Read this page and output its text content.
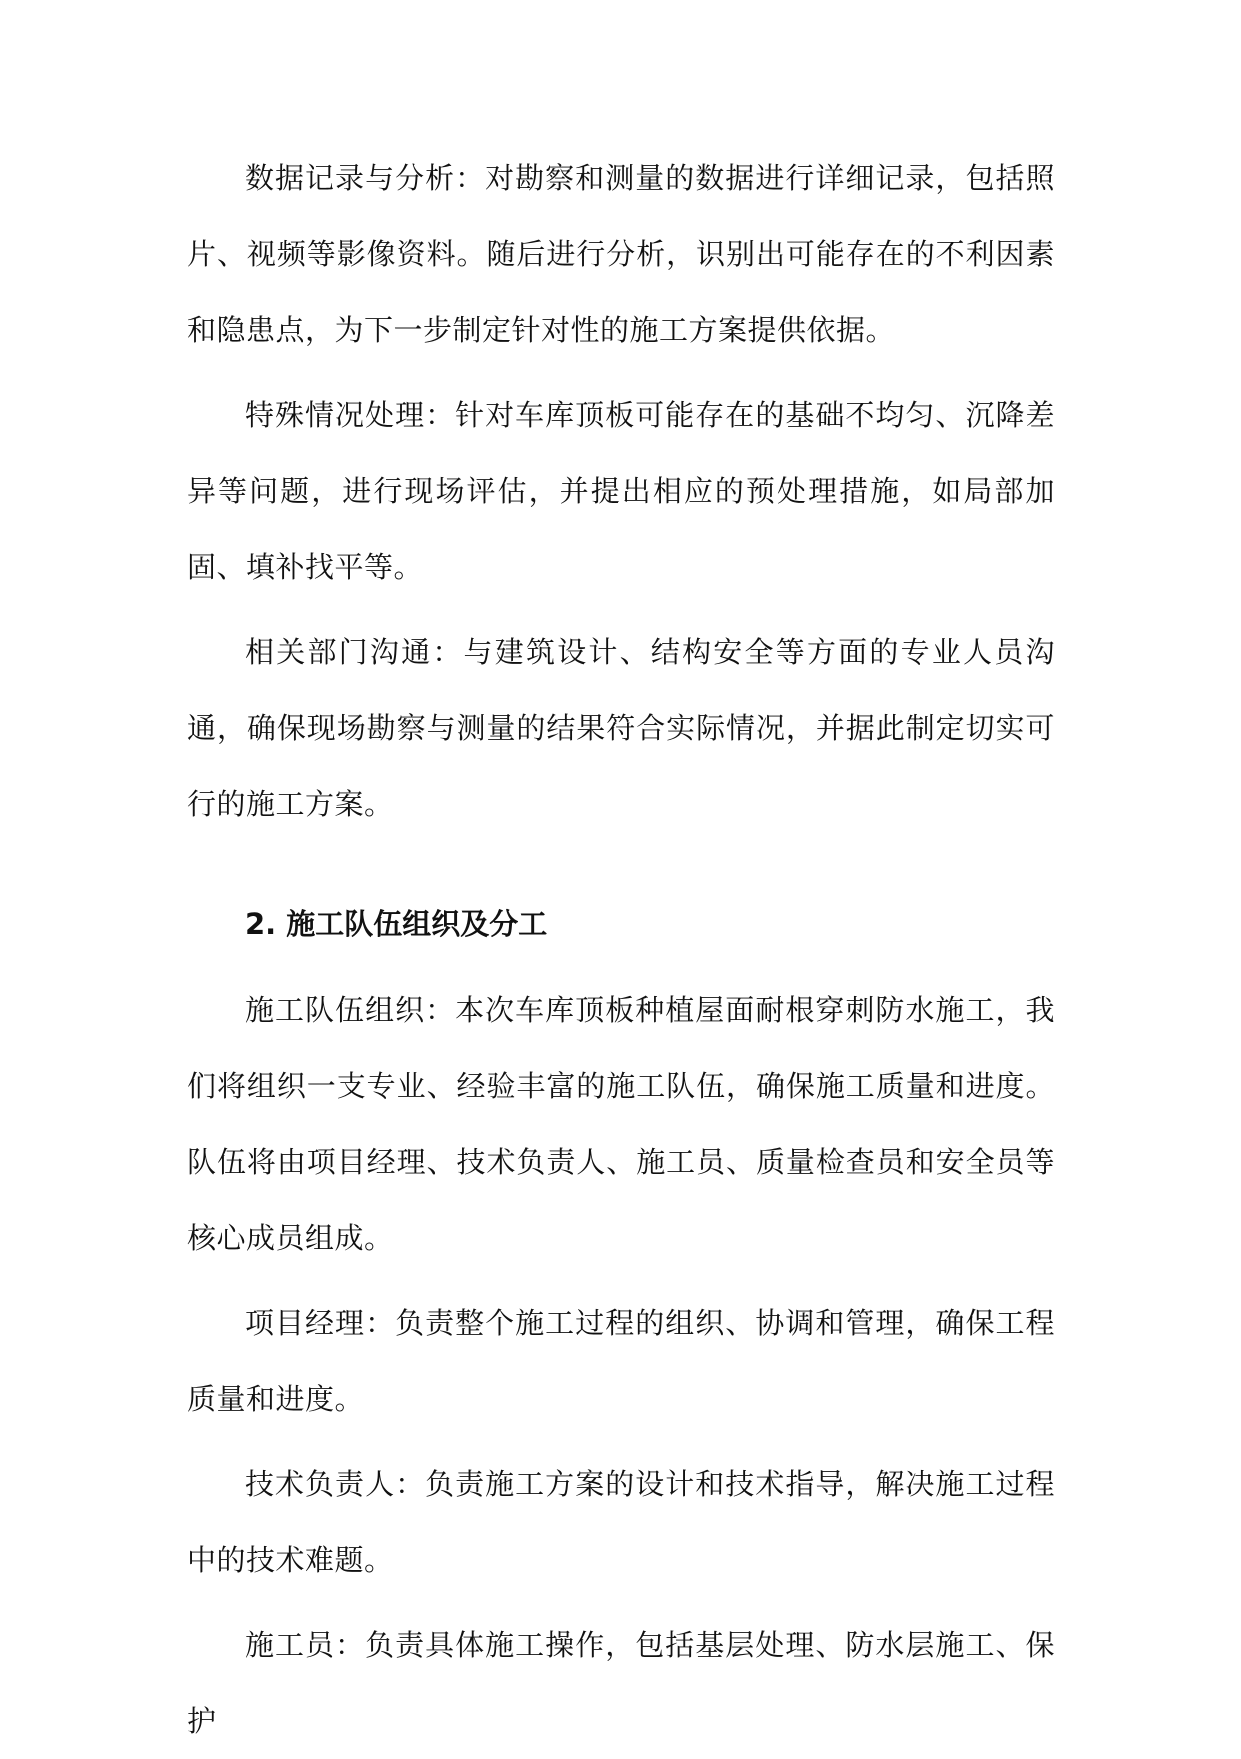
数据记录与分析：对勘察和测量的数据进行详细记录，包括照片、视频等影像资料。随后进行分析，识别出可能存在的不利因素和隐患点，为下一步制定针对性的施工方案提供依据。

特殊情况处理：针对车库顶板可能存在的基础不均匀、沉降差异等问题，进行现场评估，并提出相应的预处理措施，如局部加固、填补找平等。

相关部门沟通：与建筑设计、结构安全等方面的专业人员沟通，确保现场勘察与测量的结果符合实际情况，并据此制定切实可行的施工方案。

2. 施工队伍组织及分工

施工队伍组织：本次车库顶板种植屋面耐根穿刺防水施工，我们将组织一支专业、经验丰富的施工队伍，确保施工质量和进度。队伍将由项目经理、技术负责人、施工员、质量检查员和安全员等核心成员组成。

项目经理：负责整个施工过程的组织、协调和管理，确保工程质量和进度。

技术负责人：负责施工方案的设计和技术指导，解决施工过程中的技术难题。

施工员：负责具体施工操作，包括基层处理、防水层施工、保护
